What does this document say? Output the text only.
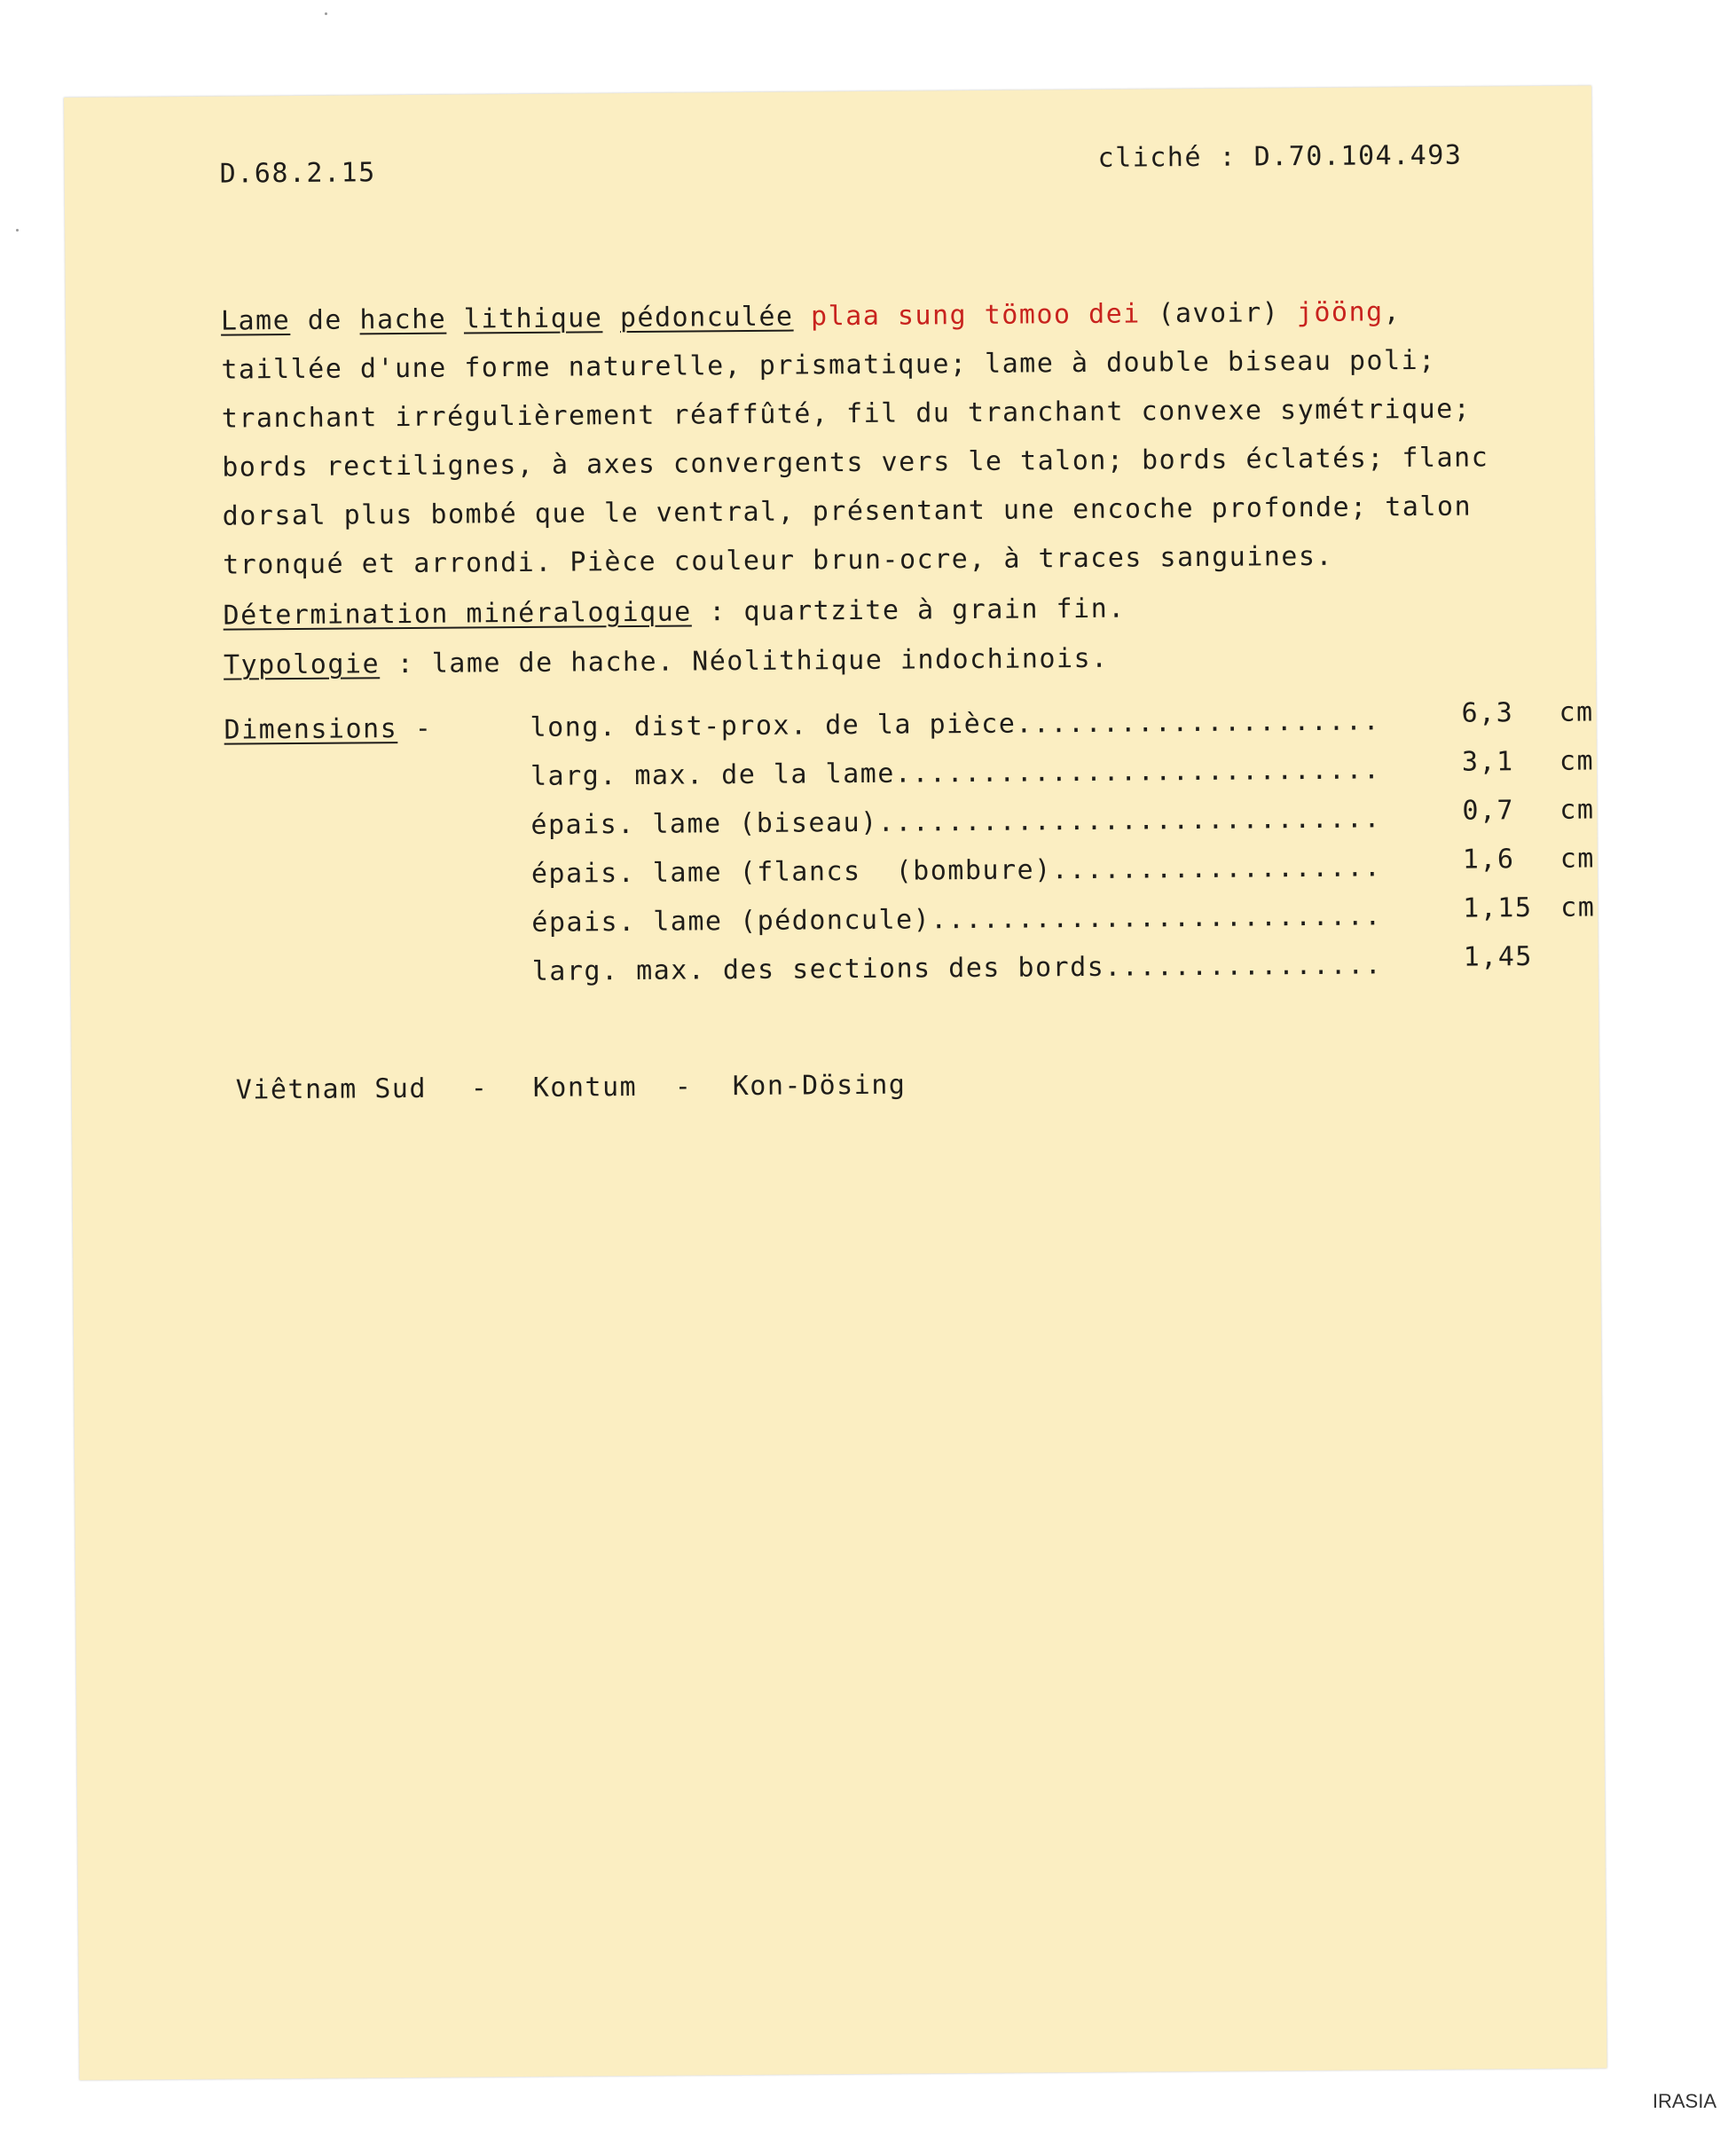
D.68.2.15	cliché : D.70.104.493
Lame de hache lithique pédonculée plaa sung tömoo dei (avoir) jööng,
taillée d'une forme naturelle, prismatique; lame à double biseau poli;
tranchant irrégulièrement réaffûté, fil du tranchant convexe symétrique;
bords rectilignes, à axes convergents vers le talon; bords éclatés; flanc
dorsal plus bombé que le ventral, présentant une encoche profonde; talon
tronqué et arrondi. Pièce couleur brun-ocre, à traces sanguines.
Détermination minéralogique : quartzite à grain fin.
Typologie : lame de hache. Néolithique indochinois.
Dimensions -	long. dist-prox. de la pièce.....................	6,3 cm
larg. max. de la lame............................	3,1 cm
épais. lame (biseau).............................	0,7 cm
épais. lame (flancs  (bombure)...................	1,6 cm
épais. lame (pédoncule)..........................	1,15 cm
larg. max. des sections des bords................	1,45
Viêtnam Sud - Kontum - Kon-Dösing
IRASIA
